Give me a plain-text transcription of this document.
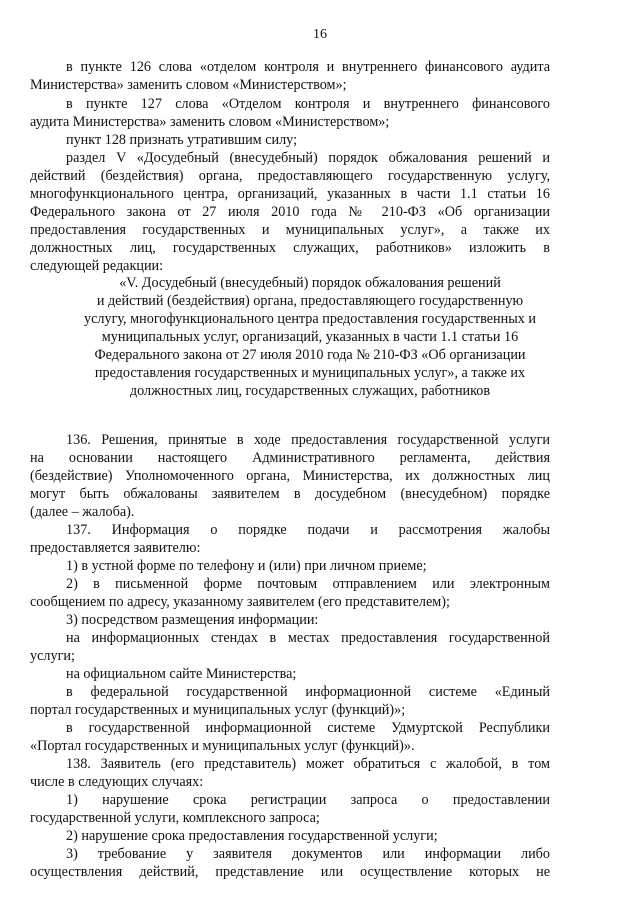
16
в пункте 126 слова «отделом контроля и внутреннего финансового аудита
Министерства» заменить словом «Министерством»;
в пункте 127 слова «Отделом контроля и внутреннего финансового
аудита Министерства» заменить словом «Министерством»;
пункт 128 признать утратившим силу;
раздел V «Досудебный (внесудебный) порядок обжалования решений и
действий (бездействия) органа, предоставляющего государственную услугу,
многофункционального центра, организаций, указанных в части 1.1 статьи 16
Федерального закона от 27 июля 2010 года № 210-ФЗ «Об организации
предоставления государственных и муниципальных услуг», а также их
должностных лиц, государственных служащих, работников» изложить в
следующей редакции:
«V. Досудебный (внесудебный) порядок обжалования решений
и действий (бездействия) органа, предоставляющего государственную
услугу, многофункционального центра предоставления государственных и
муниципальных услуг, организаций, указанных в части 1.1 статьи 16
Федерального закона от 27 июля 2010 года № 210-ФЗ «Об организации
предоставления государственных и муниципальных услуг», а также их
должностных лиц, государственных служащих, работников
136. Решения, принятые в ходе предоставления государственной услуги
на основании настоящего Административного регламента, действия
(бездействие) Уполномоченного органа, Министерства, их должностных лиц
могут быть обжалованы заявителем в досудебном (внесудебном) порядке
(далее – жалоба).
137. Информация о порядке подачи и рассмотрения жалобы
предоставляется заявителю:
1) в устной форме по телефону и (или) при личном приеме;
2) в письменной форме почтовым отправлением или электронным
сообщением по адресу, указанному заявителем (его представителем);
3) посредством размещения информации:
на информационных стендах в местах предоставления государственной
услуги;
на официальном сайте Министерства;
в федеральной государственной информационной системе «Единый
портал государственных и муниципальных услуг (функций)»;
в государственной информационной системе Удмуртской Республики
«Портал государственных и муниципальных услуг (функций)».
138. Заявитель (его представитель) может обратиться с жалобой, в том
числе в следующих случаях:
1) нарушение срока регистрации запроса о предоставлении
государственной услуги, комплексного запроса;
2) нарушение срока предоставления государственной услуги;
3) требование у заявителя документов или информации либо
осуществления действий, представление или осуществление которых не
